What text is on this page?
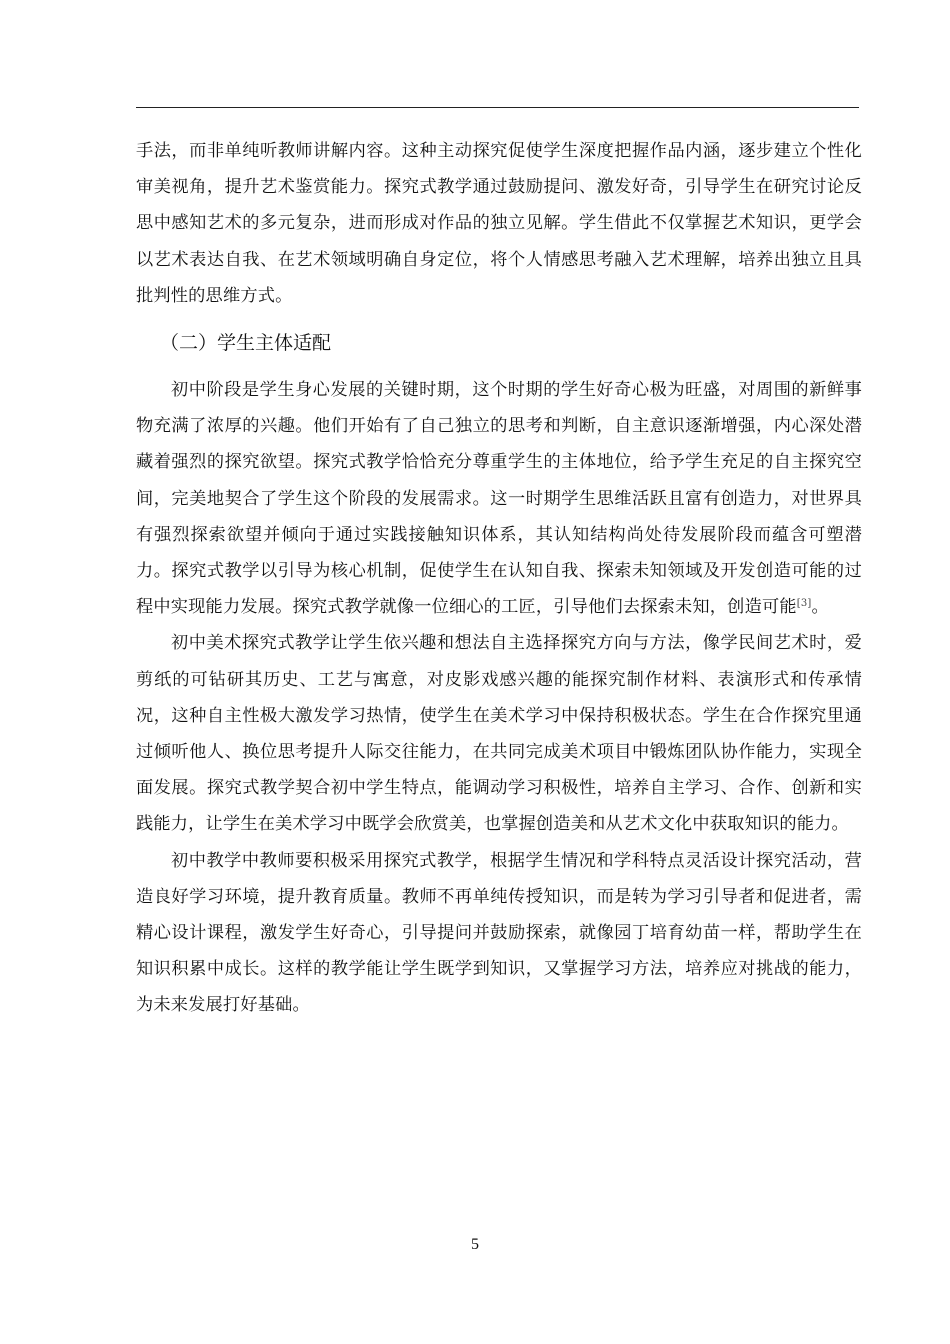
手法，而非单纯听教师讲解内容。这种主动探究促使学生深度把握作品内涵，逐步建立个性化审美视角，提升艺术鉴赏能力。探究式教学通过鼓励提问、激发好奇，引导学生在研究讨论反思中感知艺术的多元复杂，进而形成对作品的独立见解。学生借此不仅掌握艺术知识，更学会以艺术表达自我、在艺术领域明确自身定位，将个人情感思考融入艺术理解，培养出独立且具批判性的思维方式。

（二）学生主体适配

初中阶段是学生身心发展的关键时期，这个时期的学生好奇心极为旺盛，对周围的新鲜事物充满了浓厚的兴趣。他们开始有了自己独立的思考和判断，自主意识逐渐增强，内心深处潜藏着强烈的探究欲望。探究式教学恰恰充分尊重学生的主体地位，给予学生充足的自主探究空间，完美地契合了学生这个阶段的发展需求。这一时期学生思维活跃且富有创造力，对世界具有强烈探索欲望并倾向于通过实践接触知识体系，其认知结构尚处待发展阶段而蕴含可塑潜力。探究式教学以引导为核心机制，促使学生在认知自我、探索未知领域及开发创造可能的过程中实现能力发展。探究式教学就像一位细心的工匠，引导他们去探索未知，创造可能[3]。

初中美术探究式教学让学生依兴趣和想法自主选择探究方向与方法，像学民间艺术时，爱剪纸的可钻研其历史、工艺与寓意，对皮影戏感兴趣的能探究制作材料、表演形式和传承情况，这种自主性极大激发学习热情，使学生在美术学习中保持积极状态。学生在合作探究里通过倾听他人、换位思考提升人际交往能力，在共同完成美术项目中锻炼团队协作能力，实现全面发展。探究式教学契合初中学生特点，能调动学习积极性，培养自主学习、合作、创新和实践能力，让学生在美术学习中既学会欣赏美，也掌握创造美和从艺术文化中获取知识的能力。

初中教学中教师要积极采用探究式教学，根据学生情况和学科特点灵活设计探究活动，营造良好学习环境，提升教育质量。教师不再单纯传授知识，而是转为学习引导者和促进者，需精心设计课程，激发学生好奇心，引导提问并鼓励探索，就像园丁培育幼苗一样，帮助学生在知识积累中成长。这样的教学能让学生既学到知识，又掌握学习方法，培养应对挑战的能力，为未来发展打好基础。

5
